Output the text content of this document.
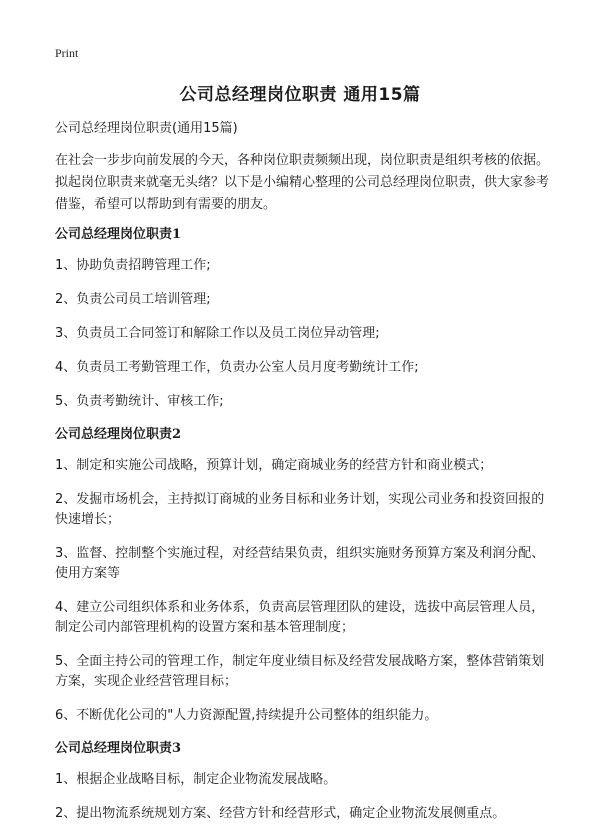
Print
公司总经理岗位职责 通用15篇

公司总经理岗位职责(通用15篇)

在社会一步步向前发展的今天，各种岗位职责频频出现，岗位职责是组织考核的依据。拟起岗位职责来就毫无头绪？以下是小编精心整理的公司总经理岗位职责，供大家参考借鉴，希望可以帮助到有需要的朋友。

公司总经理岗位职责1

1、协助负责招聘管理工作;

2、负责公司员工培训管理;

3、负责员工合同签订和解除工作以及员工岗位异动管理;

4、负责员工考勤管理工作，负责办公室人员月度考勤统计工作;

5、负责考勤统计、审核工作;

公司总经理岗位职责2

1、制定和实施公司战略，预算计划，确定商城业务的经营方针和商业模式；

2、发掘市场机会，主持拟订商城的业务目标和业务计划，实现公司业务和投资回报的快速增长；

3、监督、控制整个实施过程，对经营结果负责，组织实施财务预算方案及利润分配、使用方案等

4、建立公司组织体系和业务体系，负责高层管理团队的建设，选拔中高层管理人员，制定公司内部管理机构的设置方案和基本管理制度；

5、全面主持公司的管理工作，制定年度业绩目标及经营发展战略方案，整体营销策划方案，实现企业经营管理目标；

6、不断优化公司的"人力资源配置,持续提升公司整体的组织能力。

公司总经理岗位职责3

1、根据企业战略目标，制定企业物流发展战略。

2、提出物流系统规划方案、经营方针和经营形式，确定企业物流发展侧重点。
